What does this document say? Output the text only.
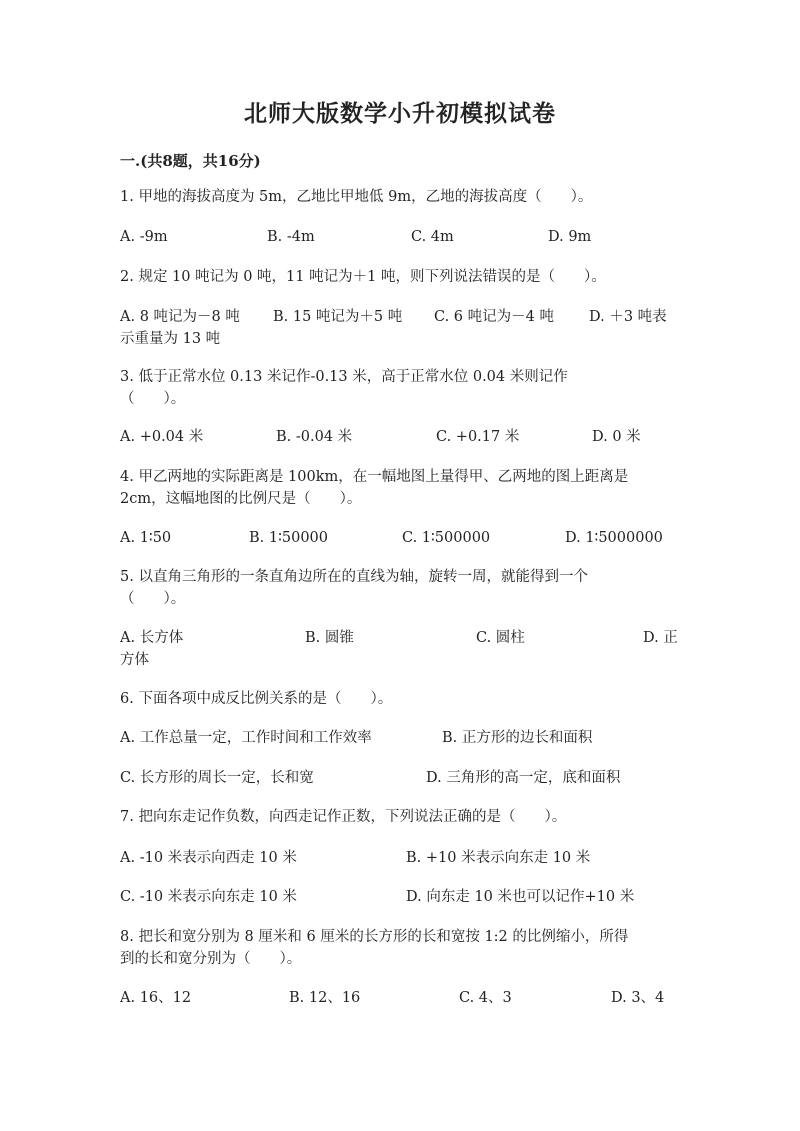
北师大版数学小升初模拟试卷
一.(共8题，共16分)
1. 甲地的海拔高度为 5m，乙地比甲地低 9m，乙地的海拔高度（　　）。
A. -9m	B. -4m	C. 4m	D. 9m
2. 规定 10 吨记为 0 吨，11 吨记为＋1 吨，则下列说法错误的是（　　）。
A. 8 吨记为－8 吨 B. 15 吨记为＋5 吨 C. 6 吨记为－4 吨 D. ＋3 吨表
示重量为 13 吨
3. 低于正常水位 0.13 米记作-0.13 米，高于正常水位 0.04 米则记作
（　　）。
A. +0.04 米	B. -0.04 米	C. +0.17 米	D. 0 米
4. 甲乙两地的实际距离是 100km，在一幅地图上量得甲、乙两地的图上距离是
2cm，这幅地图的比例尺是（　　）。
A. 1∶50	B. 1∶50000	C. 1∶500000	D. 1∶5000000
5. 以直角三角形的一条直角边所在的直线为轴，旋转一周，就能得到一个
（　　）。
A. 长方体	B. 圆锥	C. 圆柱	D. 正
方体
6. 下面各项中成反比例关系的是（　　）。
A. 工作总量一定，工作时间和工作效率	B. 正方形的边长和面积
C. 长方形的周长一定，长和宽	D. 三角形的高一定，底和面积
7. 把向东走记作负数，向西走记作正数，下列说法正确的是（　　）。
A. -10 米表示向西走 10 米	B. +10 米表示向东走 10 米
C. -10 米表示向东走 10 米	D. 向东走 10 米也可以记作+10 米
8. 把长和宽分别为 8 厘米和 6 厘米的长方形的长和宽按 1:2 的比例缩小，所得
到的长和宽分别为（　　）。
A. 16、12	B. 12、16	C. 4、3	D. 3、4
